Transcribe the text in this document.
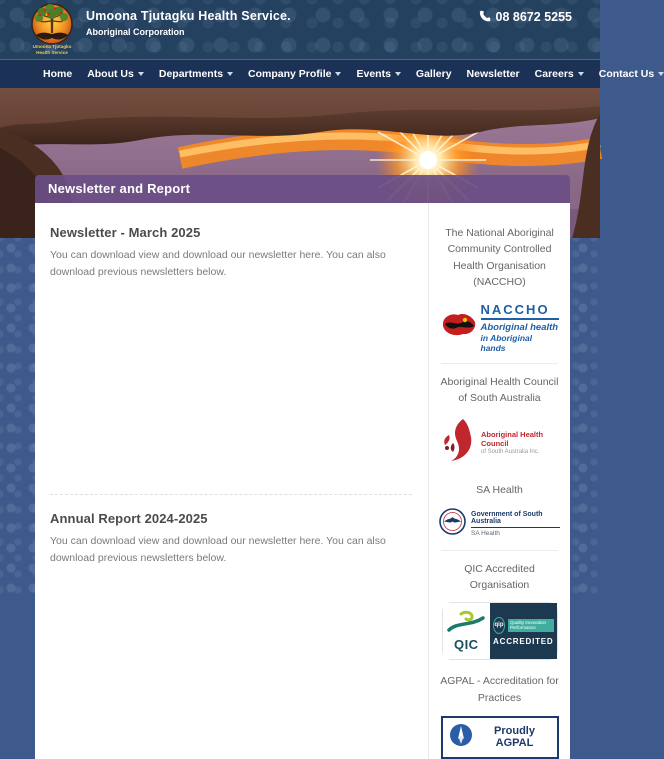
Umoona Tjutagku
Health Service
Umoona Tjutagku Health Service.
Aboriginal Corporation
08 8672 5255
Home About Us Departments Company Profile Events Gallery Newsletter Careers Contact Us
Newsletter and Report
Newsletter - March 2025

You can download view and download our newsletter here. You can also download previous newsletters below.

Annual Report 2024-2025

You can download view and download our newsletter here. You can also download previous newsletters below.

The National Aboriginal Community Controlled Health Organisation (NACCHO)
NACCHO
Aboriginal health
in Aboriginal hands
Aboriginal Health Council of South Australia
Aboriginal Health Council
of South Australia Inc.
SA Health
Government of South Australia
SA Health
QIC Accredited Organisation
QIC
qip
Quality Innovation Performance
ACCREDITED
AGPAL - Accreditation for Practices
Proudly AGPAL
